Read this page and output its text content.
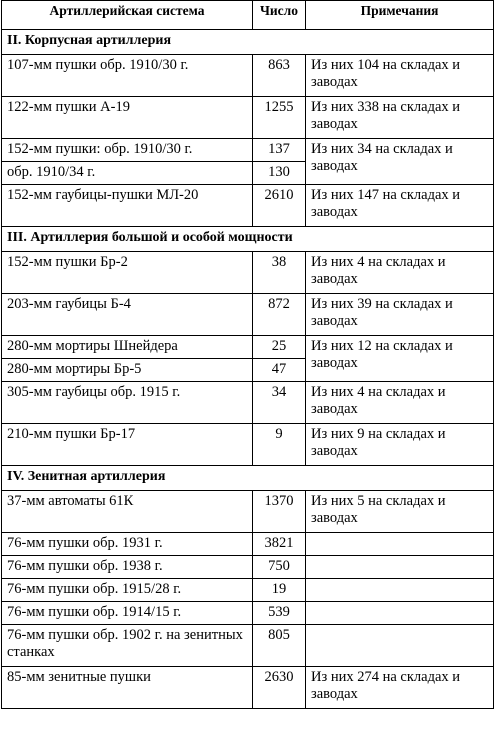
Артиллерийская система	Число	Примечания
II. Корпусная артиллерия		
107-мм пушки обр. 1910/30 г.	863	Из них 104 на складах и заводах
122-мм пушки А-19	1255	Из них 338 на складах и заводах
152-мм пушки: обр. 1910/30 г.	137	Из них 34 на складах и заводах
обр. 1910/34 г.	130	
152-мм гаубицы-пушки МЛ-20	2610	Из них 147 на складах и заводах
III. Артиллерия большой и особой мощности		
152-мм пушки Бр-2	38	Из них 4 на складах и заводах
203-мм гаубицы Б-4	872	Из них 39 на складах и заводах
280-мм мортиры Шнейдера	25	Из них 12 на складах и заводах
280-мм мортиры Бр-5	47	
305-мм гаубицы обр. 1915 г.	34	Из них 4 на складах и заводах
210-мм пушки Бр-17	9	Из них 9 на складах и заводах
IV. Зенитная артиллерия		
37-мм автоматы 61К	1370	Из них 5 на складах и заводах
76-мм пушки обр. 1931 г.	3821	
76-мм пушки обр. 1938 г.	750	
76-мм пушки обр. 1915/28 г.	19	
76-мм пушки обр. 1914/15 г.	539	
76-мм пушки обр. 1902 г. на зенитных станках	805	
85-мм зенитные пушки	2630	Из них 274 на складах и заводах
